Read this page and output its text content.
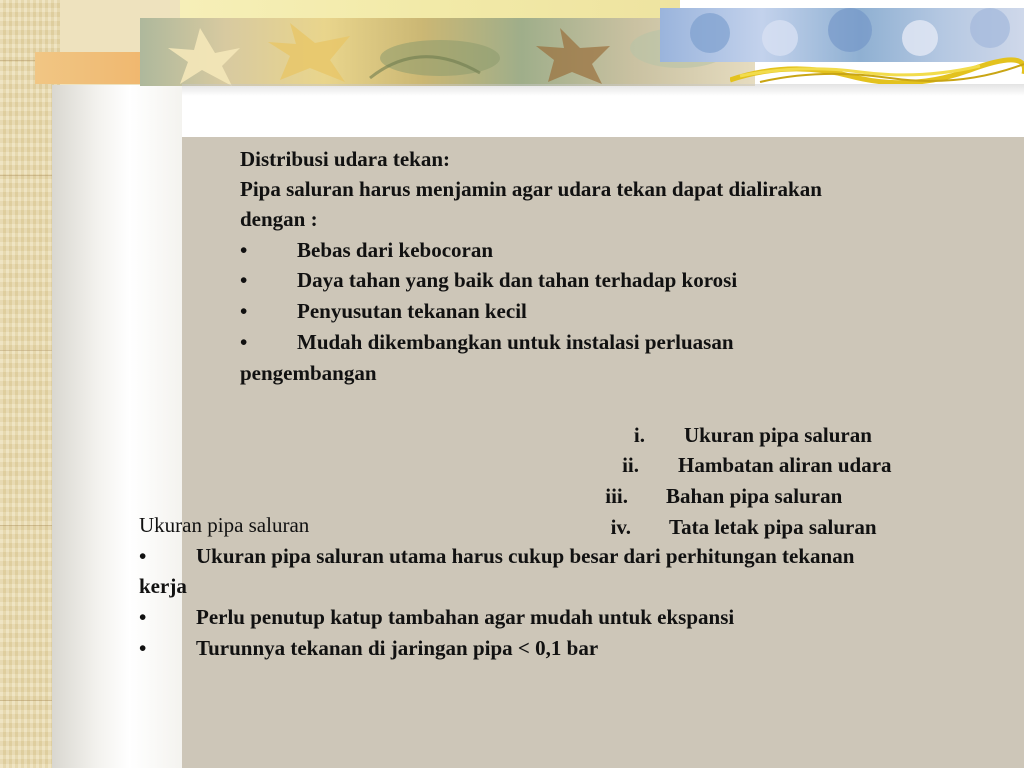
Distribusi udara tekan:
Pipa saluran harus menjamin agar udara tekan dapat dialirakan
dengan :
• Bebas dari kebocoran
• Daya tahan yang baik dan tahan terhadap korosi
• Penyusutan tekanan kecil
• Mudah dikembangkan untuk instalasi perluasan
pengembangan
i. Ukuran pipa saluran
ii. Hambatan aliran udara
iii. Bahan pipa saluran
iv. Tata letak pipa saluran
Ukuran pipa saluran
• Ukuran pipa saluran utama harus cukup besar dari perhitungan tekanan
kerja
• Perlu penutup katup tambahan agar mudah untuk ekspansi
• Turunnya tekanan di jaringan pipa < 0,1 bar
